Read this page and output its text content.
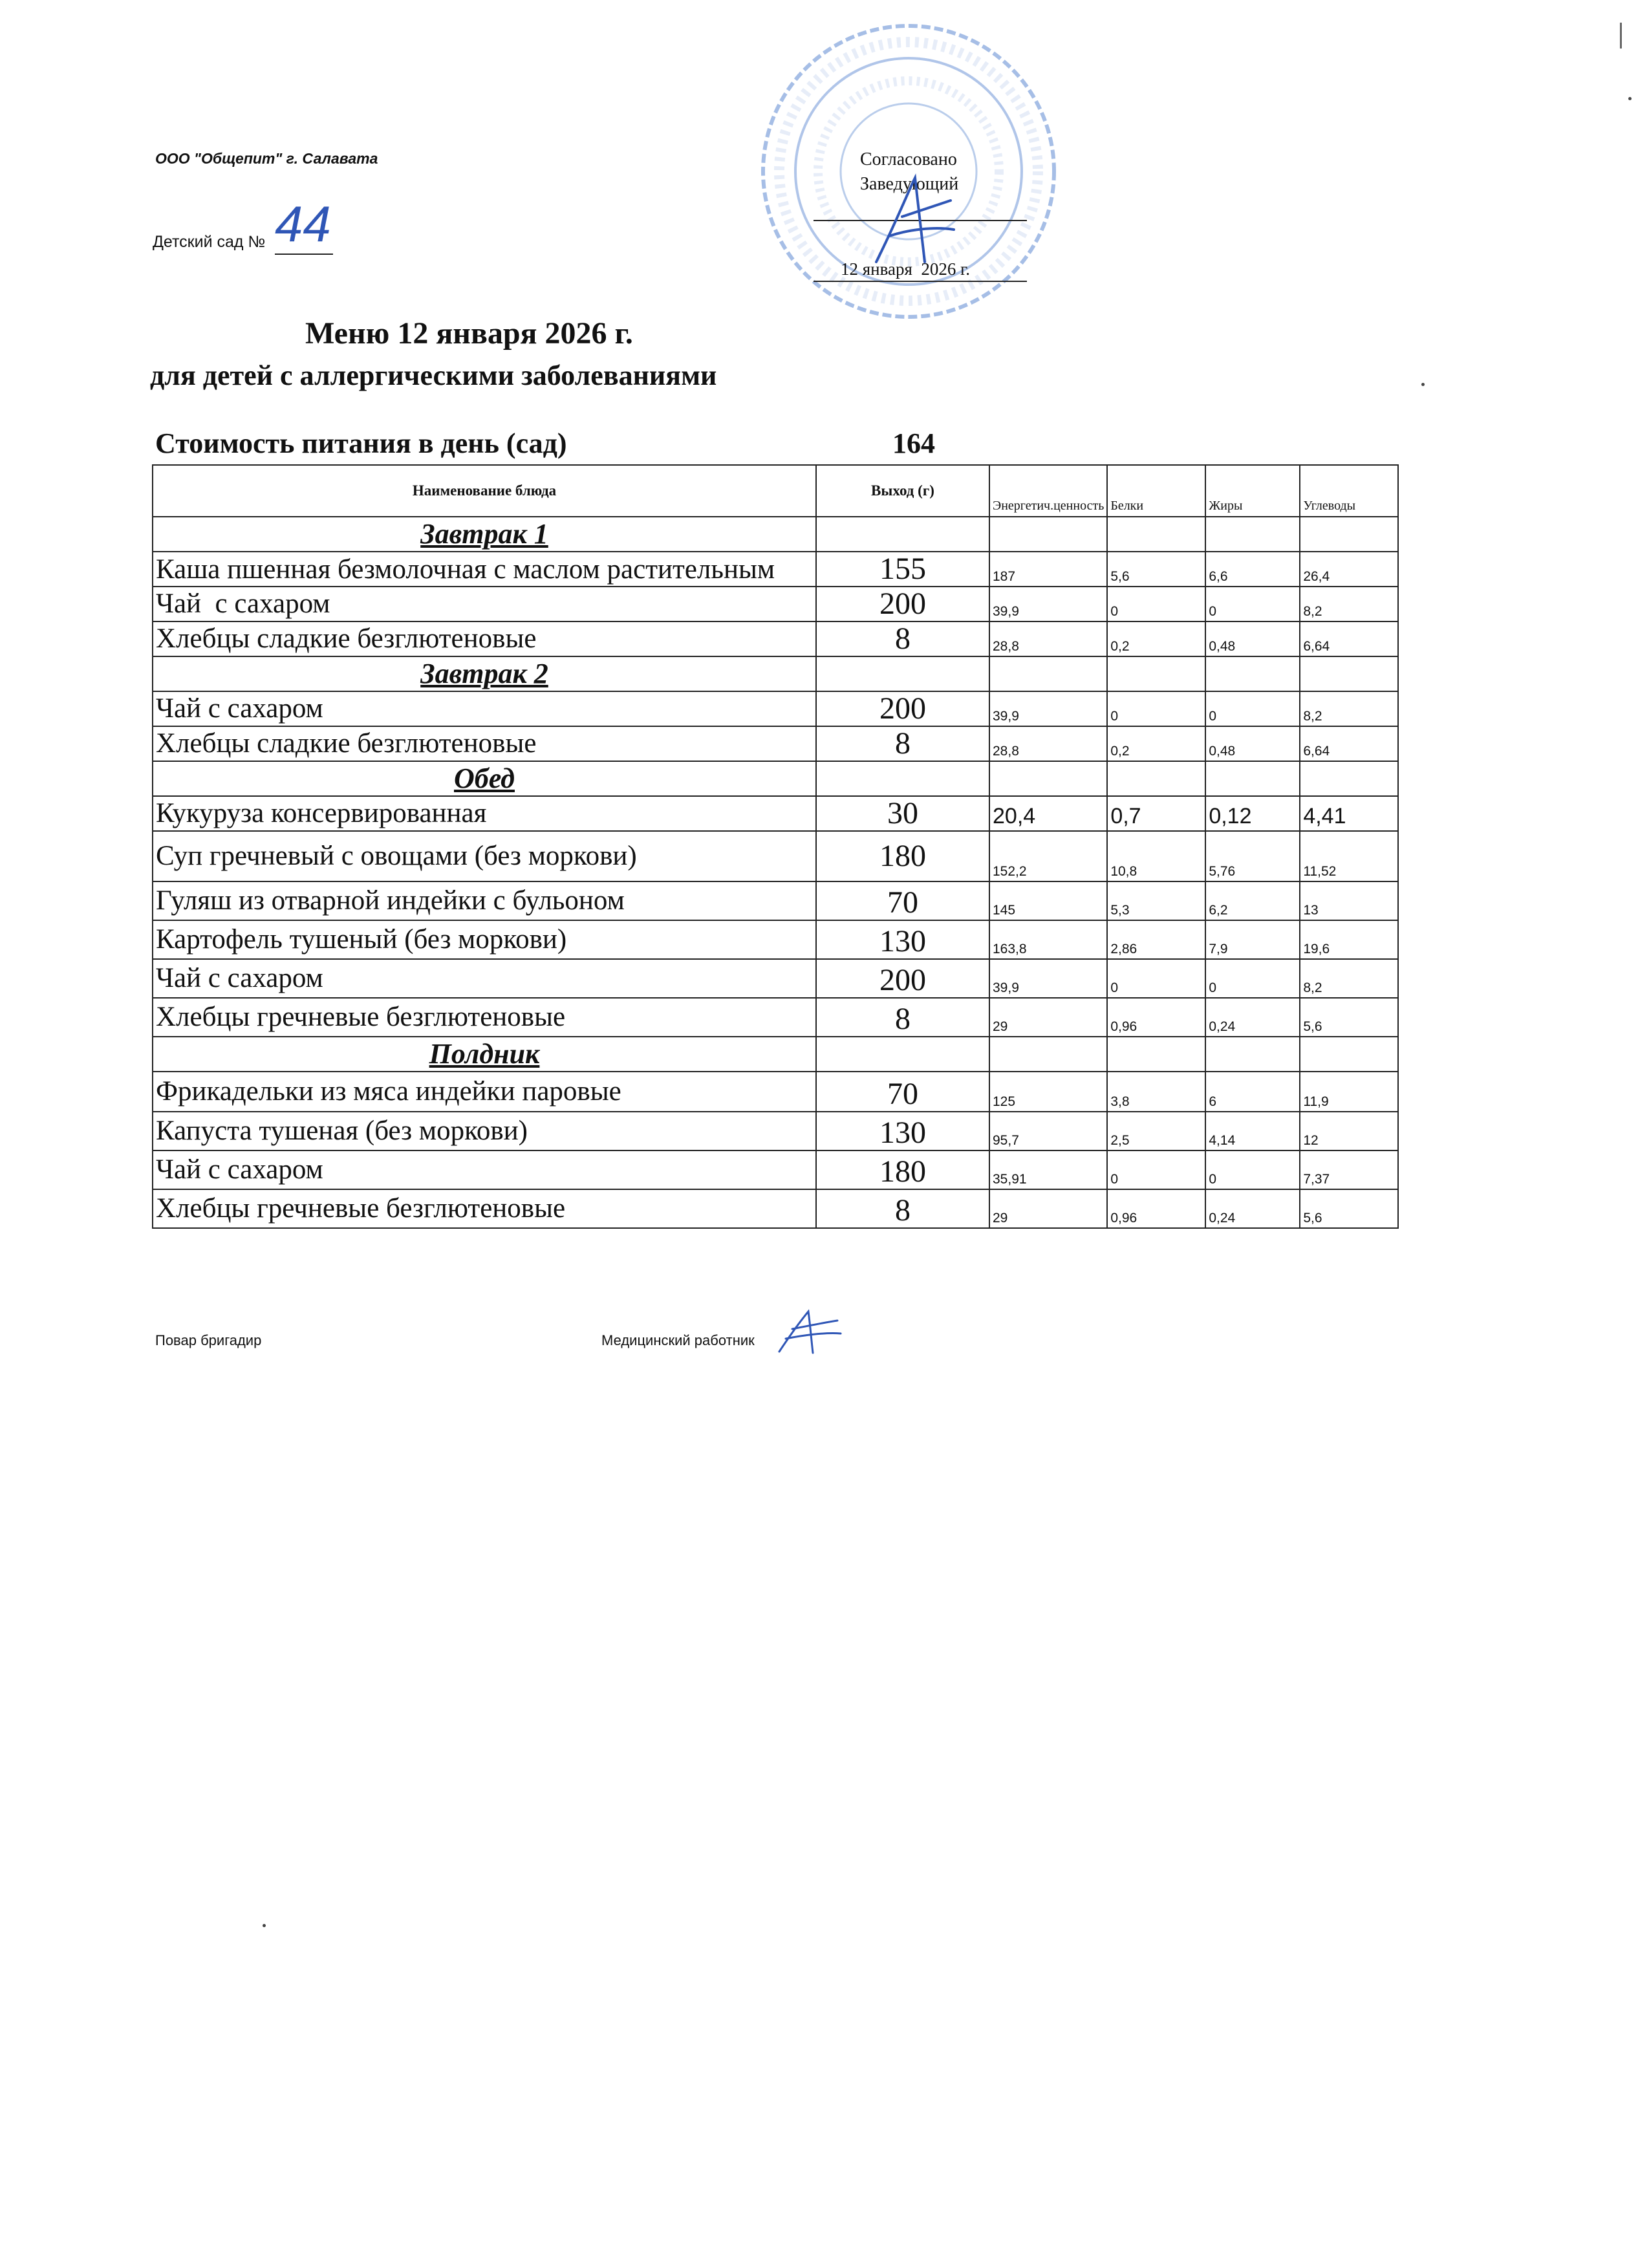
ООО "Общепит" г. Салавата
Детский сад № 44
Согласовано
Заведующий
12 января  2026 г.
Меню 12 января 2026 г.
для детей с аллергическими заболеваниями
Стоимость питания в день (сад)	164
Наименование блюда	Выход (г)	Энергетич.ценность	Белки	Жиры	Углеводы
Завтрак 1					
Каша пшенная безмолочная с маслом растительным	155	187	5,6	6,6	26,4
Чай  с сахаром	200	39,9	0	0	8,2
Хлебцы сладкие безглютеновые	8	28,8	0,2	0,48	6,64
Завтрак 2					
Чай с сахаром	200	39,9	0	0	8,2
Хлебцы сладкие безглютеновые	8	28,8	0,2	0,48	6,64
Обед					
Кукуруза консервированная	30	20,4	0,7	0,12	4,41
Суп гречневый с овощами (без моркови)	180	152,2	10,8	5,76	11,52
Гуляш из отварной индейки с бульоном	70	145	5,3	6,2	13
Картофель тушеный (без моркови)	130	163,8	2,86	7,9	19,6
Чай с сахаром	200	39,9	0	0	8,2
Хлебцы гречневые безглютеновые	8	29	0,96	0,24	5,6
Полдник					
Фрикадельки из мяса индейки паровые	70	125	3,8	6	11,9
Капуста тушеная (без моркови)	130	95,7	2,5	4,14	12
Чай с сахаром	180	35,91	0	0	7,37
Хлебцы гречневые безглютеновые	8	29	0,96	0,24	5,6
Повар бригадир	Медицинский работник
